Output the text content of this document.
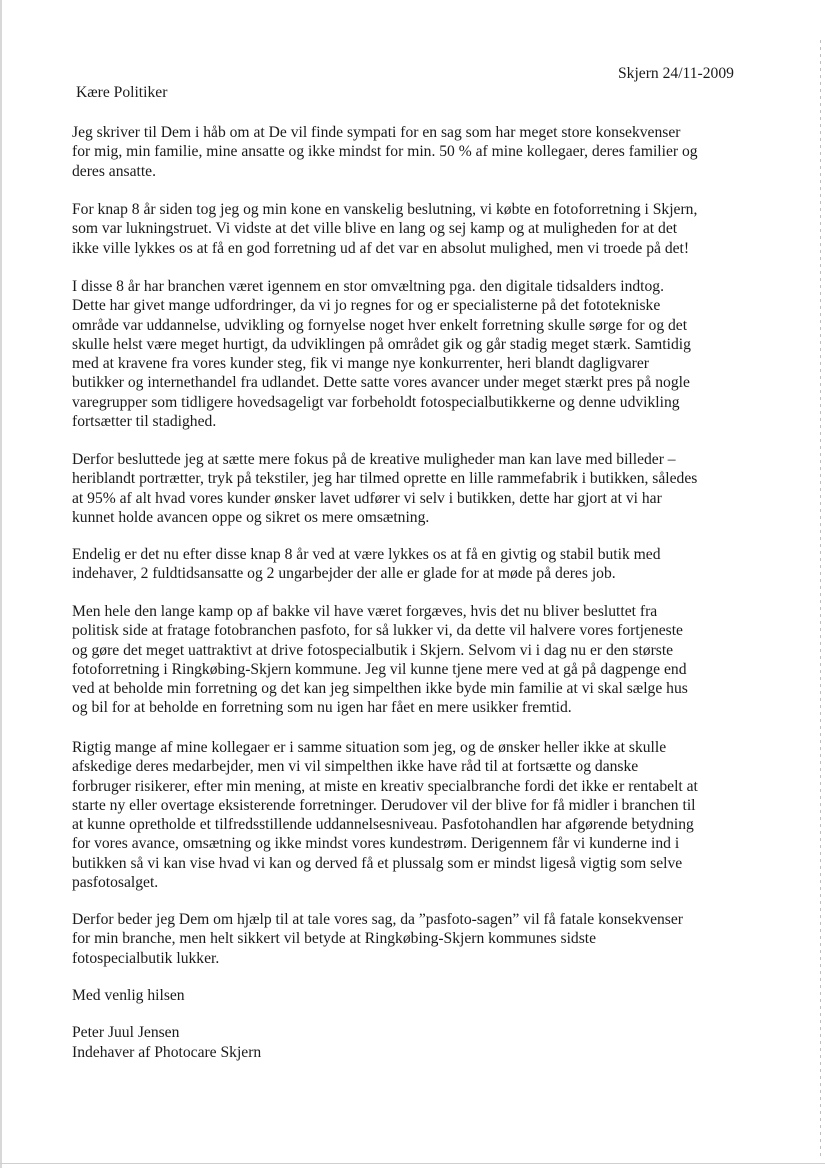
Skjern 24/11-2009
Kære Politiker
Jeg skriver til Dem i håb om at De vil finde sympati for en sag som har meget store konsekvenser
for mig, min familie, mine ansatte og ikke mindst for min. 50 % af mine kollegaer, deres familier og
deres ansatte.
For knap 8 år siden tog jeg og min kone en vanskelig beslutning, vi købte en fotoforretning i Skjern,
som var lukningstruet. Vi vidste at det ville blive en lang og sej kamp og at muligheden for at det
ikke ville lykkes os at få en god forretning ud af det var en absolut mulighed, men vi troede på det!
I disse 8 år har branchen været igennem en stor omvæltning pga. den digitale tidsalders indtog.
Dette har givet mange udfordringer, da vi jo regnes for og er specialisterne på det fototekniske
område var uddannelse, udvikling og fornyelse noget hver enkelt forretning skulle sørge for og det
skulle helst være meget hurtigt, da udviklingen på området gik og går stadig meget stærk. Samtidig
med at kravene fra vores kunder steg, fik vi mange nye konkurrenter, heri blandt dagligvarer
butikker og internethandel fra udlandet. Dette satte vores avancer under meget stærkt pres på nogle
varegrupper som tidligere hovedsageligt var forbeholdt fotospecialbutikkerne og denne udvikling
fortsætter til stadighed.
Derfor besluttede jeg at sætte mere fokus på de kreative muligheder man kan lave med billeder –
heriblandt portrætter, tryk på tekstiler, jeg har tilmed oprette en lille rammefabrik i butikken, således
at 95% af alt hvad vores kunder ønsker lavet udfører vi selv i butikken, dette har gjort at vi har
kunnet holde avancen oppe og sikret os mere omsætning.
Endelig er det nu efter disse knap 8 år ved at være lykkes os at få en givtig og stabil butik med
indehaver, 2 fuldtidsansatte og 2 ungarbejder der alle er glade for at møde på deres job.
Men hele den lange kamp op af bakke vil have været forgæves, hvis det nu bliver besluttet fra
politisk side at fratage fotobranchen pasfoto, for så lukker vi, da dette vil halvere vores fortjeneste
og gøre det meget uattraktivt at drive fotospecialbutik i Skjern. Selvom vi i dag nu er den største
fotoforretning i Ringkøbing-Skjern kommune. Jeg vil kunne tjene mere ved at gå på dagpenge end
ved at beholde min forretning og det kan jeg simpelthen ikke byde min familie at vi skal sælge hus
og bil for at beholde en forretning som nu igen har fået en mere usikker fremtid.
Rigtig mange af mine kollegaer er i samme situation som jeg, og de ønsker heller ikke at skulle
afskedige deres medarbejder, men vi vil simpelthen ikke have råd til at fortsætte og danske
forbruger risikerer, efter min mening, at miste en kreativ specialbranche fordi det ikke er rentabelt at
starte ny eller overtage eksisterende forretninger. Derudover vil der blive for få midler i branchen til
at kunne opretholde et tilfredsstillende uddannelsesniveau. Pasfotohandlen har afgørende betydning
for vores avance, omsætning og ikke mindst vores kundestrøm. Derigennem får vi kunderne ind i
butikken så vi kan vise hvad vi kan og derved få et plussalg som er mindst ligeså vigtig som selve
pasfotosalget.
Derfor beder jeg Dem om hjælp til at tale vores sag, da ”pasfoto-sagen” vil få fatale konsekvenser
for min branche, men helt sikkert vil betyde at Ringkøbing-Skjern kommunes sidste
fotospecialbutik lukker.
Med venlig hilsen
Peter Juul Jensen
Indehaver af Photocare Skjern
